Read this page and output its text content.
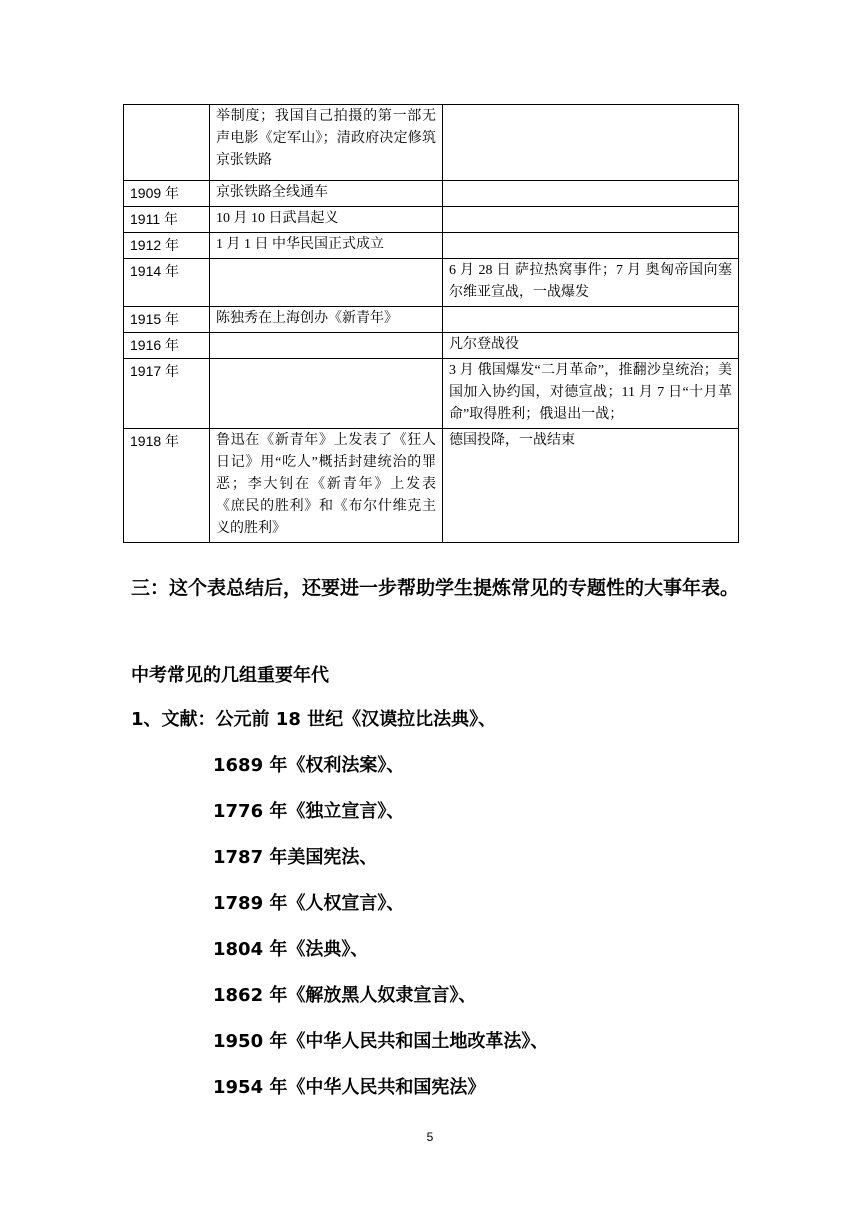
	举制度；我国自己拍摄的第一部无声电影《定军山》；清政府决定修筑京张铁路	
1909 年	京张铁路全线通车	
1911 年	10 月 10 日武昌起义	
1912 年	1 月 1 日 中华民国正式成立	
1914 年		6 月 28 日 萨拉热窝事件；7 月 奥匈帝国向塞尔维亚宣战，一战爆发
1915 年	陈独秀在上海创办《新青年》	
1916 年		凡尔登战役
1917 年		3 月 俄国爆发“二月革命”，推翻沙皇统治；美国加入协约国，对德宣战；11 月 7 日“十月革命”取得胜利；俄退出一战；
1918 年	鲁迅在《新青年》上发表了《狂人日记》用“吃人”概括封建统治的罪恶；李大钊在《新青年》上发表《庶民的胜利》和《布尔什维克主义的胜利》	德国投降，一战结束
三：这个表总结后，还要进一步帮助学生提炼常见的专题性的大事年表。
中考常见的几组重要年代
1、文献：公元前 18 世纪《汉谟拉比法典》、
1689 年《权利法案》、
1776 年《独立宣言》、
1787 年美国宪法、
1789 年《人权宣言》、
1804 年《法典》、
1862 年《解放黑人奴隶宣言》、
1950 年《中华人民共和国土地改革法》、
1954 年《中华人民共和国宪法》
5
